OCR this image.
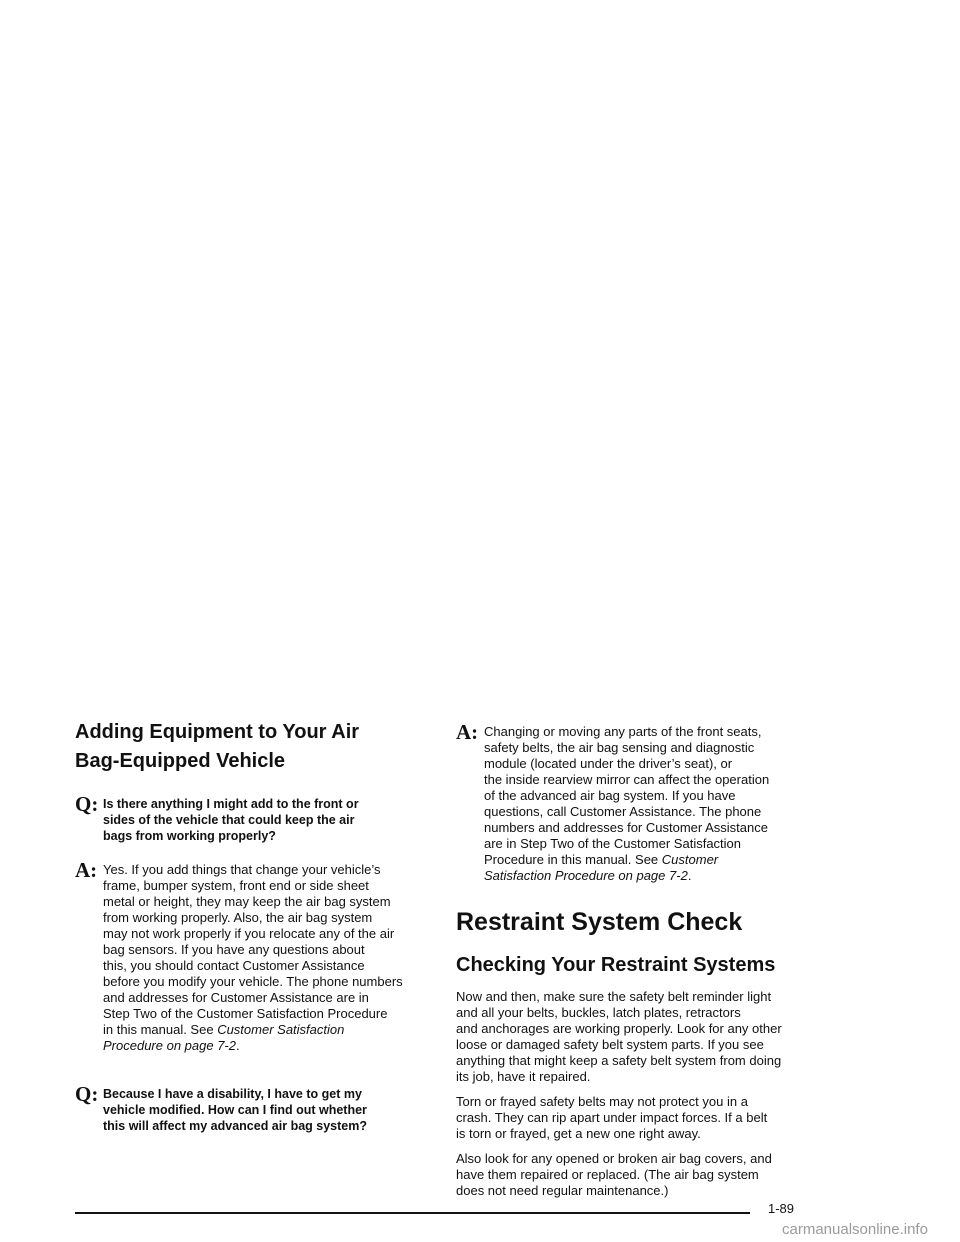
Adding Equipment to Your Air
Bag-Equipped Vehicle
Q: Is there anything I might add to the front or
sides of the vehicle that could keep the air
bags from working properly?
A: Yes. If you add things that change your vehicle’s
frame, bumper system, front end or side sheet
metal or height, they may keep the air bag system
from working properly. Also, the air bag system
may not work properly if you relocate any of the air
bag sensors. If you have any questions about
this, you should contact Customer Assistance
before you modify your vehicle. The phone numbers
and addresses for Customer Assistance are in
Step Two of the Customer Satisfaction Procedure
in this manual. See Customer Satisfaction
Procedure on page 7-2.
Q: Because I have a disability, I have to get my
vehicle modified. How can I find out whether
this will affect my advanced air bag system?
A: Changing or moving any parts of the front seats,
safety belts, the air bag sensing and diagnostic
module (located under the driver’s seat), or
the inside rearview mirror can affect the operation
of the advanced air bag system. If you have
questions, call Customer Assistance. The phone
numbers and addresses for Customer Assistance
are in Step Two of the Customer Satisfaction
Procedure in this manual. See Customer
Satisfaction Procedure on page 7-2.
Restraint System Check
Checking Your Restraint Systems

Now and then, make sure the safety belt reminder light
and all your belts, buckles, latch plates, retractors
and anchorages are working properly. Look for any other
loose or damaged safety belt system parts. If you see
anything that might keep a safety belt system from doing
its job, have it repaired.

Torn or frayed safety belts may not protect you in a
crash. They can rip apart under impact forces. If a belt
is torn or frayed, get a new one right away.

Also look for any opened or broken air bag covers, and
have them repaired or replaced. (The air bag system
does not need regular maintenance.)

1-89
carmanualsonline.info
